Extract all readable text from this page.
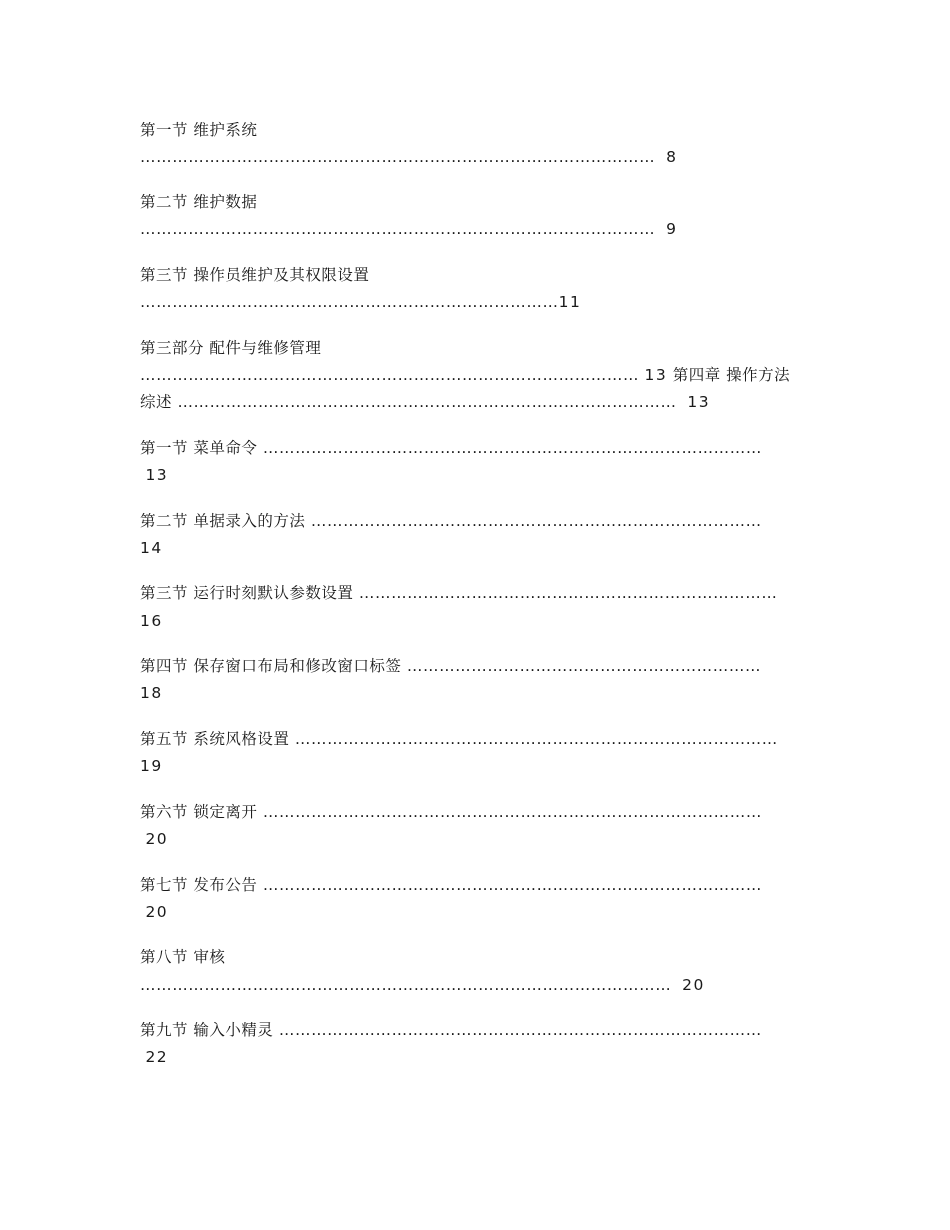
第一节 维护系统
…………………………………………………………………………………… 8
第二节 维护数据
…………………………………………………………………………………… 9
第三节 操作员维护及其权限设置
……………………………………………………………………11
第三部分 配件与维修管理
………………………………………………………………………………… 13 第四章 操作方法
综述 ………………………………………………………………………………… 13
第一节 菜单命令 …………………………………………………………………………………
13
第二节 单据录入的方法 …………………………………………………………………………
14
第三节 运行时刻默认参数设置 ……………………………………………………………………
16
第四节 保存窗口布局和修改窗口标签 …………………………………………………………
18
第五节 系统风格设置 ………………………………………………………………………………
19
第六节 锁定离开 …………………………………………………………………………………
20
第七节 发布公告 …………………………………………………………………………………
20
第八节 审核
……………………………………………………………………………………… 20
第九节 输入小精灵 ………………………………………………………………………………
22
